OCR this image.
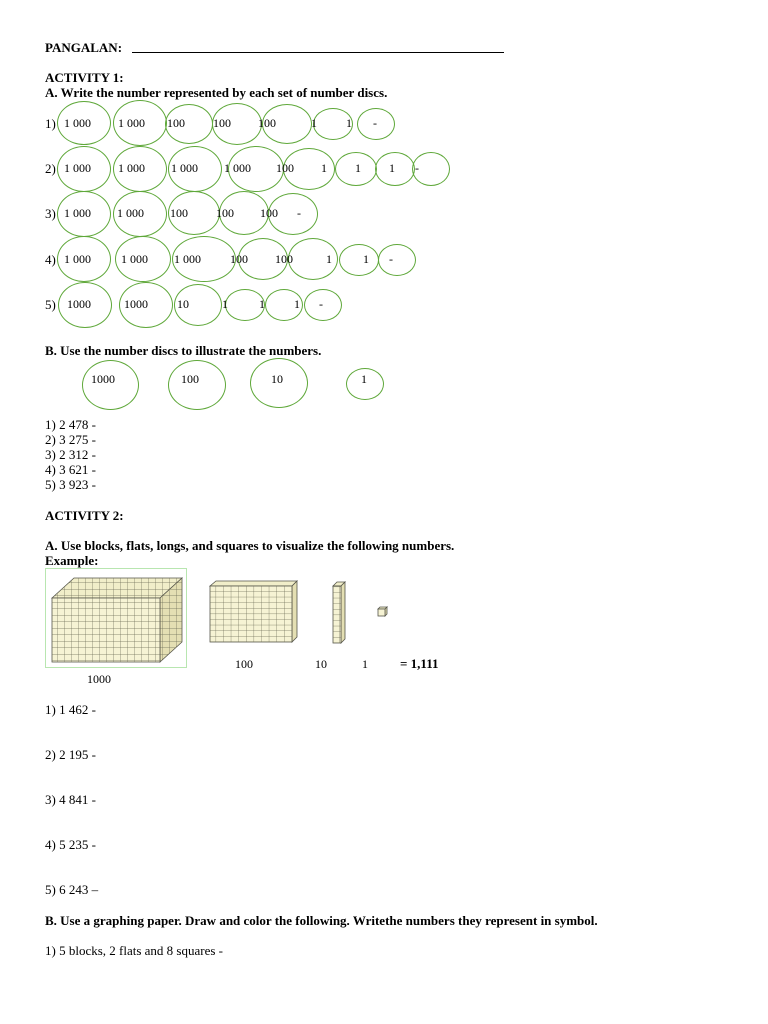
PANGALAN:
ACTIVITY 1:
A. Write the number represented by each set of number discs.
1) 1 000 1 000 100 100 100	1 1 -
2) 1 000 1 000 1 000 1 000 100 1 1 1 -
3) 1 000 1 000 100 100 100 -
4) 1 000	1 000 1 000 100 100	1	1 -
5) 1000	1000 10	1	1 1 -
B. Use the number discs to illustrate the numbers.
1000	100	10	1
1) 2 478 -
2) 3 275 -
3) 2 312 -
4) 3 621 -
5) 3 923 -
ACTIVITY 2:
A. Use blocks, flats, longs, and squares to visualize the following numbers.
Example:
1000
100	10	1 = 1,111
1) 1 462 -
2) 2 195 -
3) 4 841 -
4) 5 235 -
5) 6 243 –
B. Use a graphing paper. Draw and color the following. Writethe numbers they represent in symbol.
1) 5 blocks, 2 flats and 8 squares -
